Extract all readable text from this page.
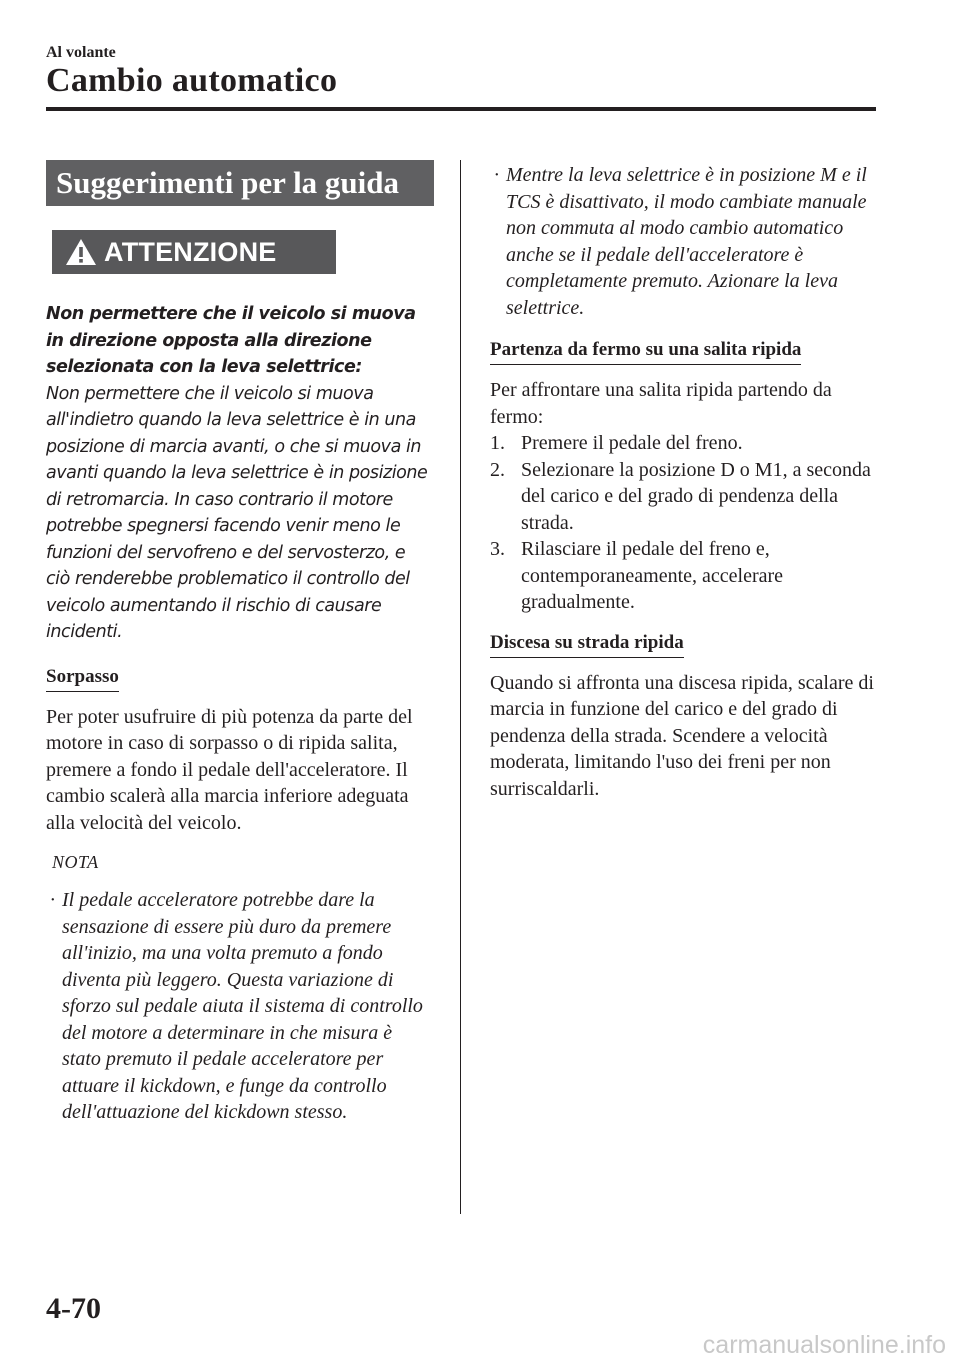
Al volante
Cambio automatico
Suggerimenti per la guida
ATTENZIONE
Non permettere che il veicolo si muova in direzione opposta alla direzione selezionata con la leva selettrice:
Non permettere che il veicolo si muova all'indietro quando la leva selettrice è in una posizione di marcia avanti, o che si muova in avanti quando la leva selettrice è in posizione di retromarcia. In caso contrario il motore potrebbe spegnersi facendo venir meno le funzioni del servofreno e del servosterzo, e ciò renderebbe problematico il controllo del veicolo aumentando il rischio di causare incidenti.
Sorpasso

Per poter usufruire di più potenza da parte del motore in caso di sorpasso o di ripida salita, premere a fondo il pedale dell'acceleratore. Il cambio scalerà alla marcia inferiore adeguata alla velocità del veicolo.

NOTA
· Il pedale acceleratore potrebbe dare la sensazione di essere più duro da premere all'inizio, ma una volta premuto a fondo diventa più leggero. Questa variazione di sforzo sul pedale aiuta il sistema di controllo del motore a determinare in che misura è stato premuto il pedale acceleratore per attuare il kickdown, e funge da controllo dell'attuazione del kickdown stesso.
· Mentre la leva selettrice è in posizione M e il TCS è disattivato, il modo cambiate manuale non commuta al modo cambio automatico anche se il pedale dell'acceleratore è completamente premuto. Azionare la leva selettrice.
Partenza da fermo su una salita ripida

Per affrontare una salita ripida partendo da fermo:

1. Premere il pedale del freno.
2. Selezionare la posizione D o M1, a seconda del carico e del grado di pendenza della strada.
3. Rilasciare il pedale del freno e, contemporaneamente, accelerare gradualmente.
Discesa su strada ripida

Quando si affronta una discesa ripida, scalare di marcia in funzione del carico e del grado di pendenza della strada. Scendere a velocità moderata, limitando l'uso dei freni per non surriscaldarli.

4-70
carmanualsonline.info
